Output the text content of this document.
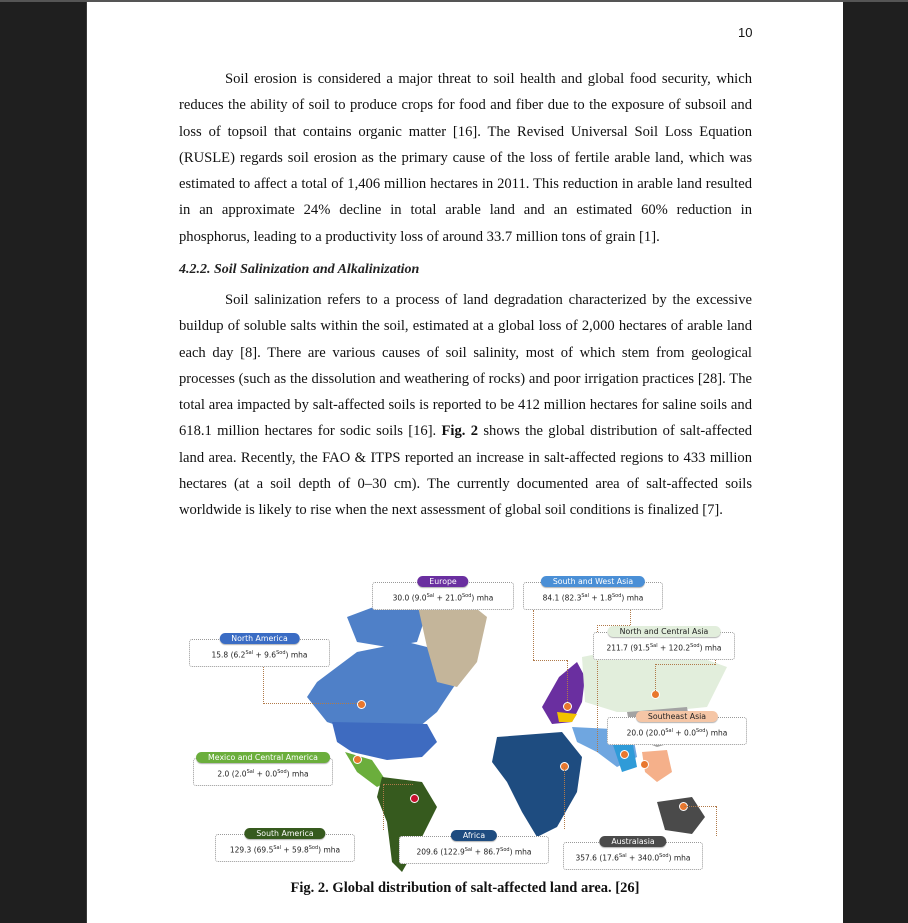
10

Soil erosion is considered a major threat to soil health and global food security, which reduces the ability of soil to produce crops for food and fiber due to the exposure of subsoil and loss of topsoil that contains organic matter [16]. The Revised Universal Soil Loss Equation (RUSLE) regards soil erosion as the primary cause of the loss of fertile arable land, which was estimated to affect a total of 1,406 million hectares in 2011. This reduction in arable land resulted in an approximate 24% decline in total arable land and an estimated 60% reduction in phosphorus, leading to a productivity loss of around 33.7 million tons of grain [1].

4.2.2. Soil Salinization and Alkalinization

Soil salinization refers to a process of land degradation characterized by the excessive buildup of soluble salts within the soil, estimated at a global loss of 2,000 hectares of arable land each day [8]. There are various causes of soil salinity, most of which stem from geological processes (such as the dissolution and weathering of rocks) and poor irrigation practices [28]. The total area impacted by salt-affected soils is reported to be 412 million hectares for saline soils and 618.1 million hectares for sodic soils [16]. Fig. 2 shows the global distribution of salt-affected land area. Recently, the FAO & ITPS reported an increase in salt-affected regions to 433 million hectares (at a soil depth of 0–30 cm). The currently documented area of salt-affected soils worldwide is likely to rise when the next assessment of global soil conditions is finalized [7].

Europe
30.0 $(9.0^{Sal} + 21.0^{Sod})$ mha
South and West Asia
84.1 $(82.3^{Sal} + 1.8^{Sod})$ mha
North America
15.8 $(6.2^{Sal} + 9.6^{Sod})$ mha
North and Central Asia
211.7 $(91.5^{Sal} + 120.2^{Sod})$ mha
Southeast Asia
20.0 $(20.0^{Sal} + 0.0^{Sod})$ mha
Mexico and Central America
2.0 $(2.0^{Sal} + 0.0^{Sod})$ mha
South America
129.3 $(69.5^{Sal} + 59.8^{Sod})$ mha
Africa
209.6 $(122.9^{Sal} + 86.7^{Sod})$ mha
Australasia
357.6 $(17.6^{Sal} + 340.0^{Sod})$ mha
Fig. 2. Global distribution of salt-affected land area. [26]
